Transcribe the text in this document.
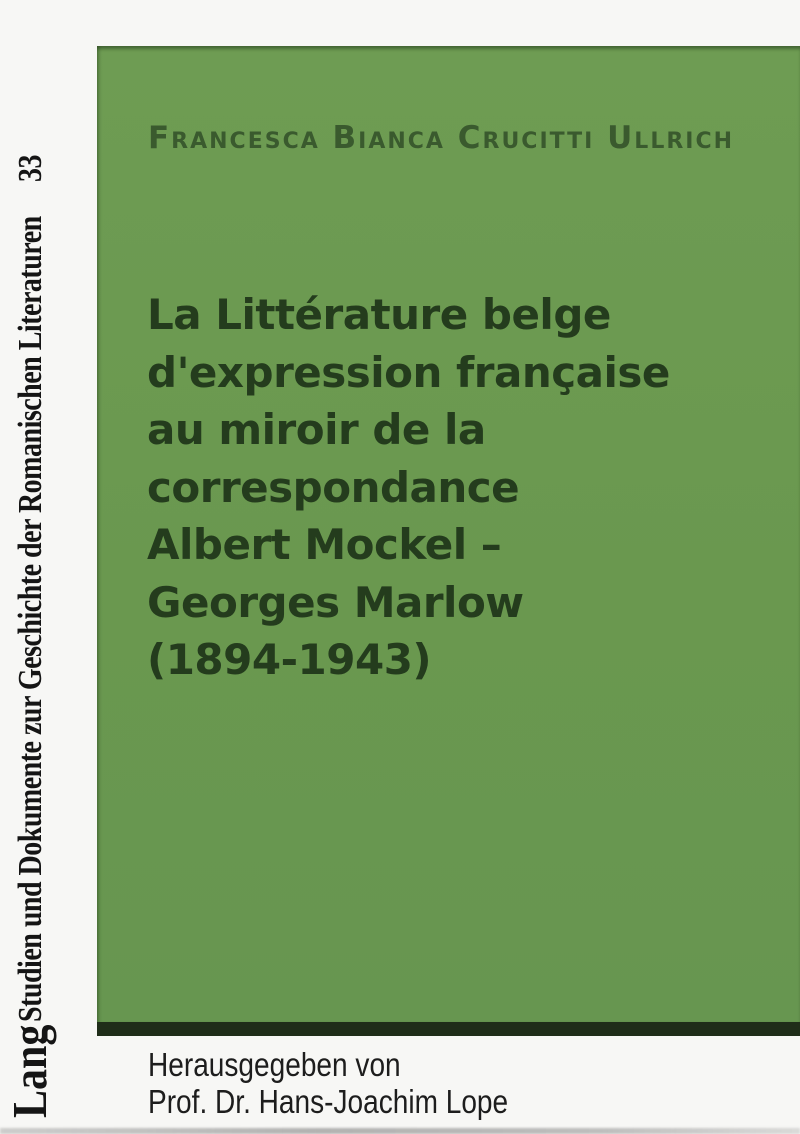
Studien und Dokumente zur Geschichte der Romanischen Literaturen33
Lang
Francesca Bianca Crucitti Ullrich
La Littérature belge
d'expression française
au miroir de la
correspondance
Albert Mockel –
Georges Marlow
(1894-1943)
Herausgegeben von
Prof. Dr. Hans-Joachim Lope
